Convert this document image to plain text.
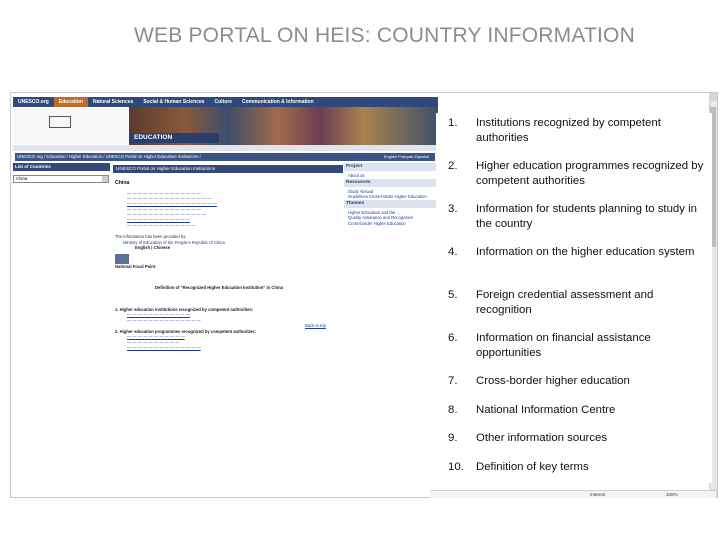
WEB PORTAL ON HEIS: COUNTRY INFORMATION
UNESCO.org	Education	Natural Sciences	Social & Human Sciences	Culture	Communication & Information
EDUCATION
UNESCO.org / Education / Higher Education / UNESCO Portal on Higher Education Institutions /	English Français Español
List of Countries
China
UNESCO Portal on Higher Education Institutions
China
— — — — — — — — — — — — — —
— — — — — — — — — — — — — — — —
— — — — — — — — — — — — — — — — —
— — — — — — — — — — — — — —
— — — — — — — — — — — — — — —
— — — — — — — — — — — —
— — — — — — — — — — — — —
The information has been provided by:
Ministry of Education of the People's Republic of China
English | Chinese
National Focal Point
Definition of "Recognized Higher Education Institution" in China
1. Higher education institutions recognized by competent authorities:
— — — — — — — — — — — —
— — — — — — — — — — — — — —
Back to top
2. Higher education programmes recognized by competent authorities:
— — — — — — — — — — —
— — — — — — — — — —
— — — — — — — — — — — — — —
Project
About us
Resources
Study Abroad
Guidelines Cross-border Higher Education
Themes
Higher Education and the ...
Quality Assurance and Recognition
Cross-border Higher Education
1.	Institutions recognized by competent authorities
2.	Higher education programmes recognized by competent authorities
3.	Information for students planning to study in the country
4.	Information on the higher education system
5.	Foreign credential assessment and recognition
6.	Information on financial assistance opportunities
7.	Cross-border higher education
8.	National Information Centre
9.	Other information sources
10.	Definition of key terms
Internet	100%
